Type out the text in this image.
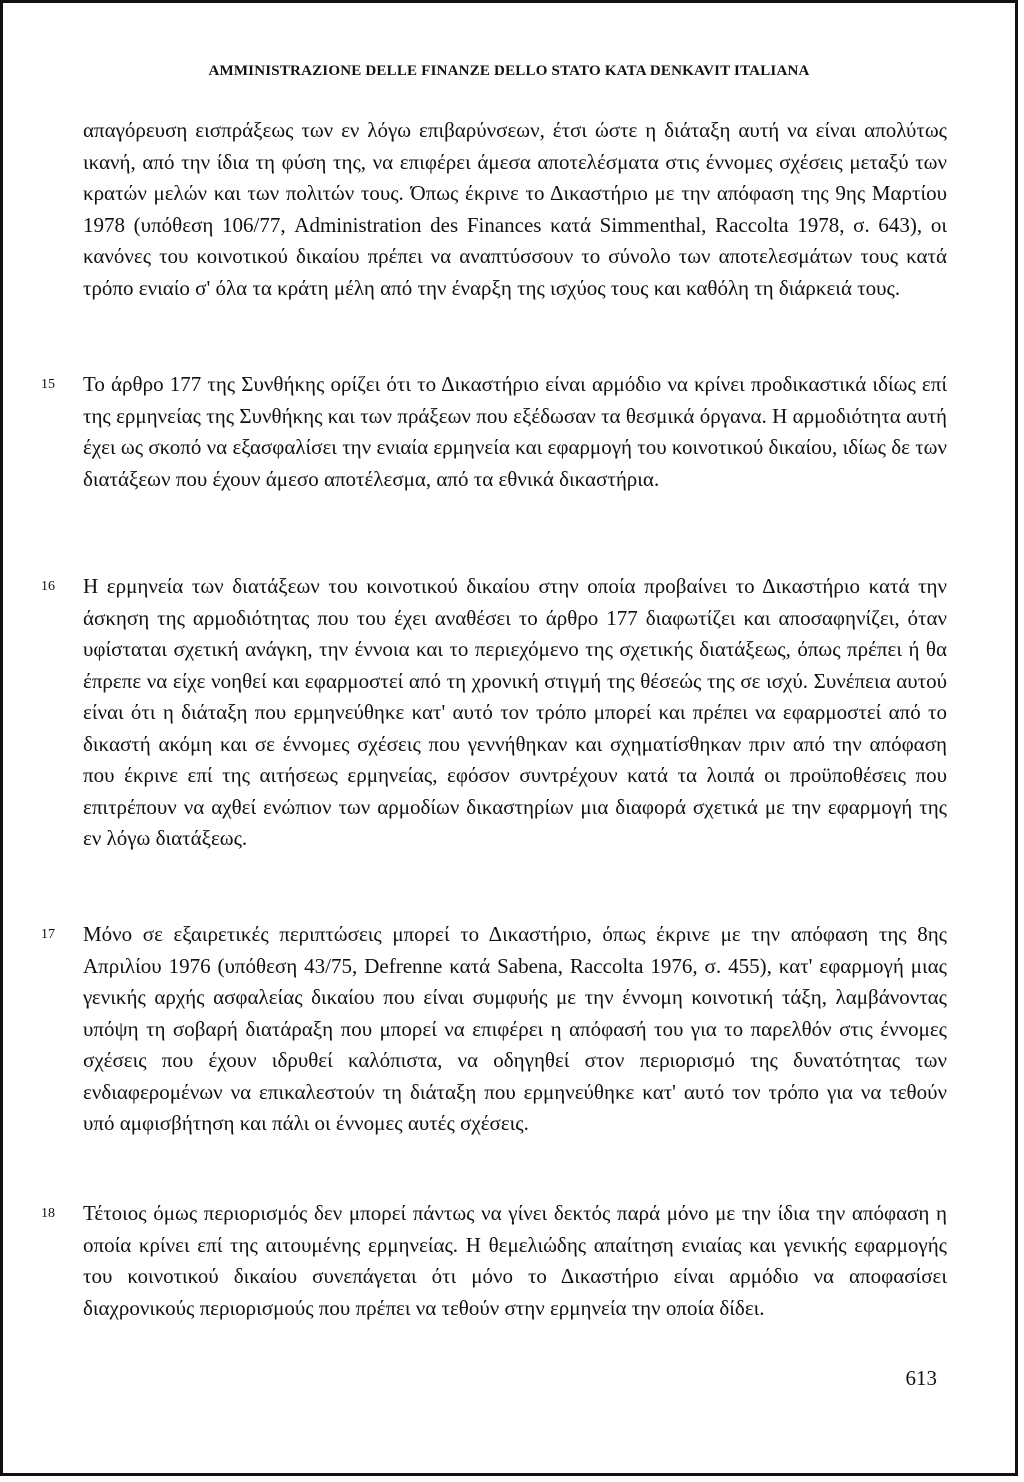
AMMINISTRAZIONE DELLE FINANZE DELLO STATO KATA DENKAVIT ITALIANA
απαγόρευση εισπράξεως των εν λόγω επιβαρύνσεων, έτσι ώστε η διάταξη αυτή να είναι απολύτως ικανή, από την ίδια τη φύση της, να επιφέρει άμεσα αποτελέσματα στις έννομες σχέσεις μεταξύ των κρατών μελών και των πολιτών τους. Όπως έκρινε το Δικαστήριο με την απόφαση της 9ης Μαρτίου 1978 (υπόθεση 106/77, Administration des Finances κατά Simmenthal, Raccolta 1978, σ. 643), οι κανόνες του κοινοτικού δικαίου πρέπει να αναπτύσσουν το σύνολο των αποτελεσμάτων τους κατά τρόπο ενιαίο σ' όλα τα κράτη μέλη από την έναρξη της ισχύος τους και καθόλη τη διάρκειά τους.
15 Το άρθρο 177 της Συνθήκης ορίζει ότι το Δικαστήριο είναι αρμόδιο να κρίνει προδικαστικά ιδίως επί της ερμηνείας της Συνθήκης και των πράξεων που εξέδωσαν τα θεσμικά όργανα. Η αρμοδιότητα αυτή έχει ως σκοπό να εξασφαλίσει την ενιαία ερμηνεία και εφαρμογή του κοινοτικού δικαίου, ιδίως δε των διατάξεων που έχουν άμεσο αποτέλεσμα, από τα εθνικά δικαστήρια.
16 Η ερμηνεία των διατάξεων του κοινοτικού δικαίου στην οποία προβαίνει το Δικαστήριο κατά την άσκηση της αρμοδιότητας που του έχει αναθέσει το άρθρο 177 διαφωτίζει και αποσαφηνίζει, όταν υφίσταται σχετική ανάγκη, την έννοια και το περιεχόμενο της σχετικής διατάξεως, όπως πρέπει ή θα έπρεπε να είχε νοηθεί και εφαρμοστεί από τη χρονική στιγμή της θέσεώς της σε ισχύ. Συνέπεια αυτού είναι ότι η διάταξη που ερμηνεύθηκε κατ' αυτό τον τρόπο μπορεί και πρέπει να εφαρμοστεί από το δικαστή ακόμη και σε έννομες σχέσεις που γεννήθηκαν και σχηματίσθηκαν πριν από την απόφαση που έκρινε επί της αιτήσεως ερμηνείας, εφόσον συντρέχουν κατά τα λοιπά οι προϋποθέσεις που επιτρέπουν να αχθεί ενώπιον των αρμοδίων δικαστηρίων μια διαφορά σχετικά με την εφαρμογή της εν λόγω διατάξεως.
17 Μόνο σε εξαιρετικές περιπτώσεις μπορεί το Δικαστήριο, όπως έκρινε με την απόφαση της 8ης Απριλίου 1976 (υπόθεση 43/75, Defrenne κατά Sabena, Raccolta 1976, σ. 455), κατ' εφαρμογή μιας γενικής αρχής ασφαλείας δικαίου που είναι συμφυής με την έννομη κοινοτική τάξη, λαμβάνοντας υπόψη τη σοβαρή διατάραξη που μπορεί να επιφέρει η απόφασή του για το παρελθόν στις έννομες σχέσεις που έχουν ιδρυθεί καλόπιστα, να οδηγηθεί στον περιορισμό της δυνατότητας των ενδιαφερομένων να επικαλεστούν τη διάταξη που ερμηνεύθηκε κατ' αυτό τον τρόπο για να τεθούν υπό αμφισβήτηση και πάλι οι έννομες αυτές σχέσεις.
18 Τέτοιος όμως περιορισμός δεν μπορεί πάντως να γίνει δεκτός παρά μόνο με την ίδια την απόφαση η οποία κρίνει επί της αιτουμένης ερμηνείας. Η θεμελιώδης απαίτηση ενιαίας και γενικής εφαρμογής του κοινοτικού δικαίου συνεπάγεται ότι μόνο το Δικαστήριο είναι αρμόδιο να αποφασίσει διαχρονικούς περιορισμούς που πρέπει να τεθούν στην ερμηνεία την οποία δίδει.
613
